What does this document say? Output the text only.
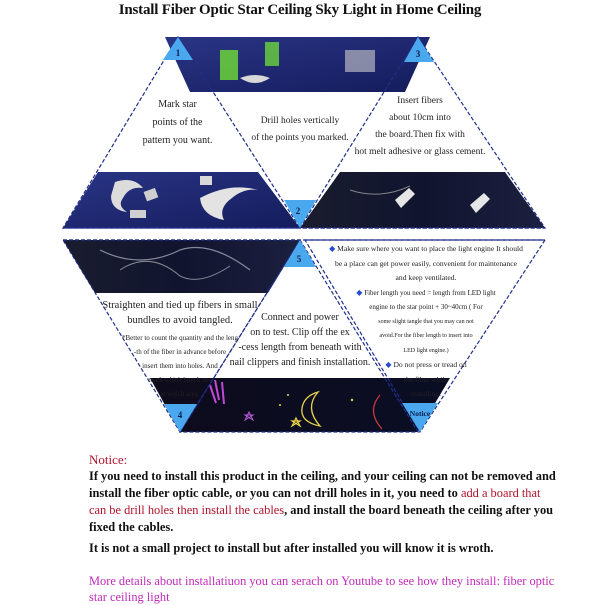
Install Fiber Optic Star Ceiling Sky Light in Home Ceiling
1
2
3
4
5
Notice
Mark star
points of the
pattern you want.
Drill holes vertically
of the points you marked.
Insert fibers
about 10cm into
the board.Then fix with
hot melt adhesive or glass cement.
Straighten and tied up fibers in small
bundles to avoid tangled.
*Better to count the quantity and the leng
-th of the fiber in advance before
insert them into holes. And
mark which bunch use
at which area.
Connect and power
on to test. Clip off the ex
-cess length from beneath with
nail clippers and finish installation.
◆ Make sure where you want to place the light engine It should
be a place can get power easily, convenient for maintenance
and keep ventilated.
◆ Fiber length you need = length from LED light
engine to the star point + 30~40cm ( For
some slight tangle that you may can not
avoid.For the fiber length to insert into
LED light engine.)
◆ Do not press or tread on
the fiber while
installing.
Notice:
If you need to install this product in the ceiling, and your ceiling can not be removed and install the fiber optic cable, or you can not drill holes in it, you need to add a board that can be drill holes then install the cables, and install the board beneath the ceiling after you fixed the cables.
It is not a small project to install but after installed you will know it is wroth.
More details about installatiuon you can serach on Youtube to see how they install: fiber optic star ceiling light
